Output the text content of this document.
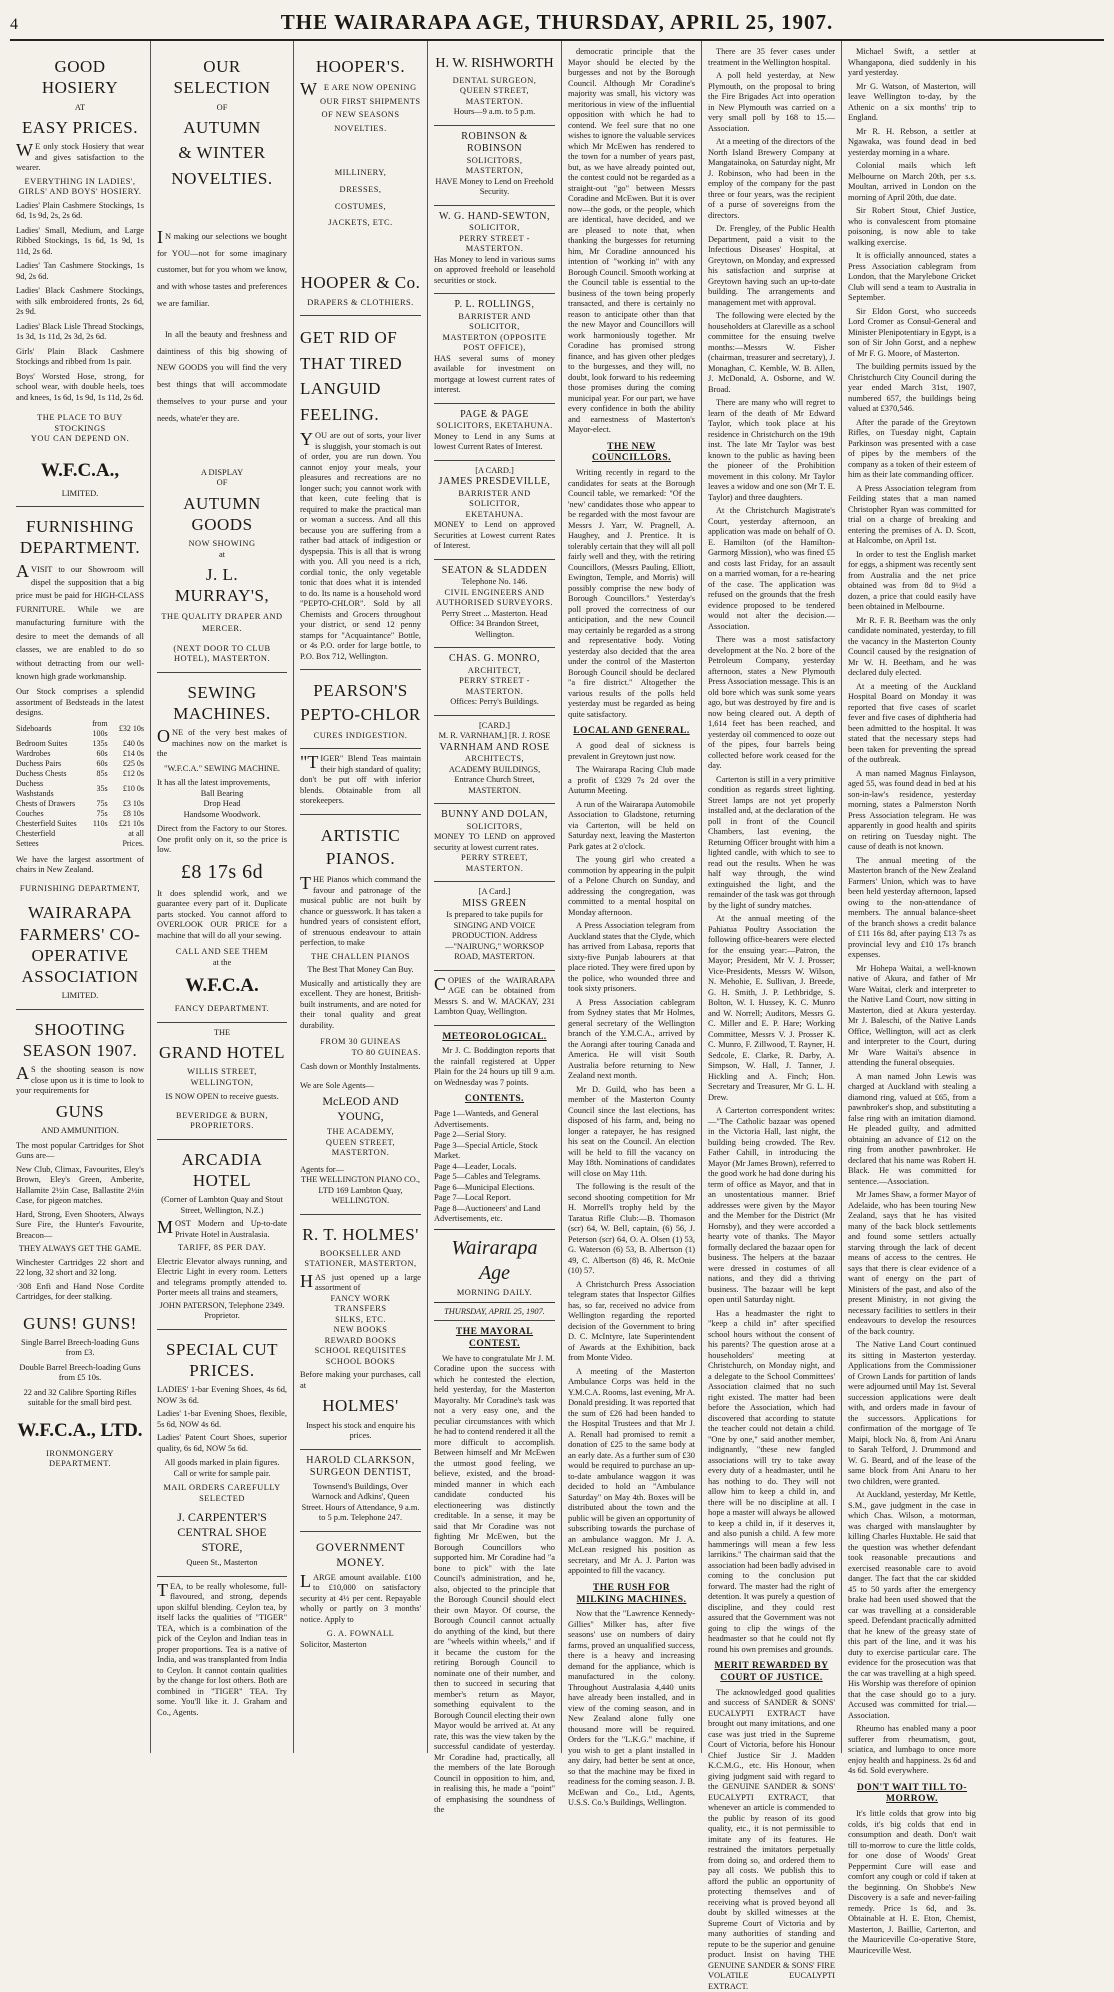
4	THE WAIRARAPA AGE, THURSDAY, APRIL 25, 1907.
GOOD HOSIERY
AT
EASY PRICES.
WE only stock Hosiery that wear and gives satisfaction to the wearer.
EVERYTHING IN LADIES', GIRLS' AND BOYS' HOSIERY.
Ladies' Plain Cashmere Stockings, 1s 6d, 1s 9d, 2s, 2s 6d.
Ladies' Small, Medium, and Large Ribbed Stockings, 1s 6d, 1s 9d, 1s 11d, 2s 6d.
Ladies' Tan Cashmere Stockings, 1s 9d, 2s 6d.
Ladies' Black Cashmere Stockings, with silk embroidered fronts, 2s 6d, 2s 9d.
Ladies' Black Lisle Thread Stockings, 1s 3d, 1s 11d, 2s 3d, 2s 6d.
Girls' Plain Black Cashmere Stockings and ribbed from 1s pair.
Boys' Worsted Hose, strong, for school wear, with double heels, toes and knees, 1s 6d, 1s 9d, 1s 11d, 2s 6d.
THE PLACE TO BUY STOCKINGS
YOU CAN DEPEND ON.
W.F.C.A.,
LIMITED.
FURNISHING DEPARTMENT.
AVISIT to our Showroom will dispel the supposition that a big price must be paid for HIGH-CLASS FURNITURE. While we are manufacturing furniture with the desire to meet the demands of all classes, we are enabled to do so without detracting from our well-known high grade workmanship.
Our Stock comprises a splendid assortment of Bedsteads in the latest designs.
Sideboards	from 100s	£32 10s
Bedroom Suites	135s	£40 0s
Wardrobes	60s	£14 0s
Duchess Pairs	60s	£25 0s
Duchess Chests	85s	£12 0s
Duchess Washstands	35s	£10 0s
Chests of Drawers	75s	£3 10s
Couches	75s	£8 10s
Chesterfield Suites	110s	£21 10s
Chesterfield Settees		at all Prices.
We have the largest assortment of chairs in New Zealand.
FURNISHING DEPARTMENT,
WAIRARAPA FARMERS' CO-OPERATIVE ASSOCIATION
LIMITED.
SHOOTING SEASON 1907.
AS the shooting season is now close upon us it is time to look to your requirements for
GUNS
AND AMMUNITION.
The most popular Cartridges for Shot Guns are—
New Club, Climax, Favourites, Eley's Brown, Eley's Green, Amberite, Hallamite 2½in Case, Ballastite 2½in Case, for pigeon matches.
Hard, Strong, Even Shooters, Always Sure Fire, the Hunter's Favourite, Breacon—
THEY ALWAYS GET THE GAME.
Winchester Cartridges 22 short and 22 long, 32 short and 32 long.
·308 Enfi and Hand Nose Cordite Cartridges, for deer stalking.
GUNS! GUNS!
Single Barrel Breech-loading Guns from £3.
Double Barrel Breech-loading Guns from £5 10s.
22 and 32 Calibre Sporting Rifles suitable for the small bird pest.
W.F.C.A., LTD.
IRONMONGERY DEPARTMENT.
OUR SELECTION
OF
AUTUMN
& WINTER
NOVELTIES.
IN making our selections we bought for YOU—not for some imaginary customer, but for you whom we know, and with whose tastes and preferences we are familiar.
In all the beauty and freshness and daintiness of this big showing of NEW GOODS you will find the very best things that will accommodate themselves to your purse and your needs, whate'er they are.
A DISPLAY
OF
AUTUMN GOODS
NOW SHOWING
at
J. L. MURRAY'S,
THE QUALITY DRAPER AND MERCER.
(NEXT DOOR TO CLUB HOTEL), MASTERTON.
SEWING MACHINES.
ONE of the very best makes of machines now on the market is the
"W.F.C.A." SEWING MACHINE.
It has all the latest improvements,
Ball Bearing
Drop Head
Handsome Woodwork.
Direct from the Factory to our Stores. One profit only on it, so the price is low.
£8 17s 6d
It does splendid work, and we guarantee every part of it. Duplicate parts stocked. You cannot afford to OVERLOOK OUR PRICE for a machine that will do all your sewing.
CALL AND SEE THEM
at the
W.F.C.A.
FANCY DEPARTMENT.
THE
GRAND HOTEL
WILLIS STREET, WELLINGTON,
IS NOW OPEN to receive guests.
BEVERIDGE & BURN, PROPRIETORS.
ARCADIA HOTEL
(Corner of Lambton Quay and Stout Street, Wellington, N.Z.)
MOST Modern and Up-to-date Private Hotel in Australasia.
TARIFF, 8S PER DAY.
Electric Elevator always running, and Electric Light in every room. Letters and telegrams promptly attended to. Porter meets all trains and steamers,
JOHN PATERSON, Telephone 2349. Proprietor.
SPECIAL CUT PRICES.
LADIES' 1-bar Evening Shoes, 4s 6d, NOW 3s 6d.
Ladies' 1-bar Evening Shoes, flexible, 5s 6d, NOW 4s 6d.
Ladies' Patent Court Shoes, superior quality, 6s 6d, NOW 5s 6d.
All goods marked in plain figures. Call or write for sample pair.
MAIL ORDERS CAREFULLY SELECTED
J. CARPENTER'S CENTRAL SHOE STORE,
Queen St., Masterton
TEA, to be really wholesome, full-flavoured, and strong, depends upon skilful blending. Ceylon tea, by itself lacks the qualities of "TIGER" TEA, which is a combination of the pick of the Ceylon and Indian teas in proper proportions. Tea is a native of India, and was transplanted from India to Ceylon. It cannot contain qualities by the change for lost others. Both are combined in "TIGER" TEA. Try some. You'll like it. J. Graham and Co., Agents.
HOOPER'S.
WE ARE NOW OPENING OUR FIRST SHIPMENTS OF NEW SEASONS NOVELTIES.
MILLINERY,
DRESSES,
COSTUMES,
JACKETS, ETC.
HOOPER & Co.
DRAPERS & CLOTHIERS.
GET RID OF THAT TIRED LANGUID FEELING.
YOU are out of sorts, your liver is sluggish, your stomach is out of order, you are run down. You cannot enjoy your meals, your pleasures and recreations are no longer such; you cannot work with that keen, cute feeling that is required to make the practical man or woman a success. And all this because you are suffering from a rather bad attack of indigestion or dyspepsia. This is all that is wrong with you. All you need is a rich, cordial tonic, the only vegetable tonic that does what it is intended to do. Its name is a household word "PEPTO-CHLOR". Sold by all Chemists and Grocers throughout your district, or send 12 penny stamps for "Acquaintance" Bottle, or 4s P.O. order for large bottle, to P.O. Box 712, Wellington.
PEARSON'S PEPTO-CHLOR
CURES INDIGESTION.
"TIGER" Blend Teas maintain their high standard of quality; don't be put off with inferior blends. Obtainable from all storekeepers.
ARTISTIC PIANOS.
THE Pianos which command the favour and patronage of the musical public are not built by chance or guesswork. It has taken a hundred years of consistent effort, of strenuous endeavour to attain perfection, to make
THE CHALLEN PIANOS
The Best That Money Can Buy.
Musically and artistically they are excellent. They are honest, British-built instruments, and are noted for their tonal quality and great durability.
FROM 30 GUINEAS
TO 80 GUINEAS.
Cash down or Monthly Instalments.
We are Sole Agents—
McLEOD AND YOUNG,
THE ACADEMY,
QUEEN STREET, MASTERTON.
Agents for—
THE WELLINGTON PIANO CO., LTD 169 Lambton Quay, WELLINGTON.
R. T. HOLMES'
BOOKSELLER AND STATIONER, MASTERTON,
HAS just opened up a large assortment of
FANCY WORK
TRANSFERS
SILKS, ETC.
NEW BOOKS
REWARD BOOKS
SCHOOL REQUISITES
SCHOOL BOOKS
Before making your purchases, call at
HOLMES'
Inspect his stock and enquire his prices.
HAROLD CLARKSON, SURGEON DENTIST,
Townsend's Buildings, Over Warnock and Adkins', Queen Street. Hours of Attendance, 9 a.m. to 5 p.m. Telephone 247.
GOVERNMENT MONEY.
LARGE amount available. £100 to £10,000 on satisfactory security at 4½ per cent. Repayable wholly or partly on 3 months' notice. Apply to
G. A. FOWNALL
Solicitor, Masterton
H. W. RISHWORTH
DENTAL SURGEON,
QUEEN STREET, MASTERTON.
Hours—9 a.m. to 5 p.m.
ROBINSON & ROBINSON
SOLICITORS,
MASTERTON,
HAVE Money to Lend on Freehold Security.
W. G. HAND-SEWTON,
SOLICITOR,
PERRY STREET - MASTERTON.
Has Money to lend in various sums on approved freehold or leasehold securities or stock.
P. L. ROLLINGS,
BARRISTER AND SOLICITOR,
MASTERTON (OPPOSITE POST OFFICE),
HAS several sums of money available for investment on mortgage at lowest current rates of interest.
PAGE & PAGE
SOLICITORS, EKETAHUNA.
Money to Lend in any Sums at lowest Current Rates of Interest.
[A CARD.]
JAMES PRESDEVILLE,
BARRISTER AND SOLICITOR,
EKETAHUNA.
MONEY to Lend on approved Securities at Lowest current Rates of Interest.
SEATON & SLADDEN
Telephone No. 146.
CIVIL ENGINEERS AND AUTHORISED SURVEYORS.
Perry Street ... Masterton. Head Office: 34 Brandon Street, Wellington.
CHAS. G. MONRO,
ARCHITECT,
PERRY STREET - MASTERTON.
Offices: Perry's Buildings.
[CARD.]
M. R. VARNHAM,] [R. J. ROSE
VARNHAM AND ROSE
ARCHITECTS,
ACADEMY BUILDINGS, Entrance Church Street, MASTERTON.
BUNNY AND DOLAN,
SOLICITORS,
MONEY TO LEND on approved security at lowest current rates.
PERRY STREET, MASTERTON.
[A Card.]
MISS GREEN
Is prepared to take pupils for SINGING AND VOICE PRODUCTION. Address—"NAIRUNG," WORKSOP ROAD, MASTERTON.
COPIES of the WAIRARAPA AGE can be obtained from Messrs S. and W. MACKAY, 231 Lambton Quay, Wellington.
METEOROLOGICAL.
Mr J. C. Boddington reports that the rainfall registered at Upper Plain for the 24 hours up till 9 a.m. on Wednesday was 7 points.
CONTENTS.
Page 1—Wanteds, and General Advertisements.
Page 2—Serial Story.
Page 3—Special Article, Stock Market.
Page 4—Leader, Locals.
Page 5—Cables and Telegrams.
Page 6—Municipal Elections.
Page 7—Local Report.
Page 8—Auctioneers' and Land Advertisements, etc.
Wairarapa Age
MORNING DAILY.
THURSDAY, APRIL 25, 1907.
THE MAYORAL CONTEST.
We have to congratulate Mr J. M. Coradine upon the success with which he contested the election, held yesterday, for the Masterton Mayoralty. Mr Coradine's task was not a very easy one, and the peculiar circumstances with which he had to contend rendered it all the more difficult to accomplish. Between himself and Mr McEwen the utmost good feeling, we believe, existed, and the broad-minded manner in which each candidate conducted his electioneering was distinctly creditable. In a sense, it may be said that Mr Coradine was not fighting Mr McEwen, but the Borough Councillors who supported him. Mr Coradine had "a bone to pick" with the late Council's administration, and he, also, objected to the principle that the Borough Council should elect their own Mayor. Of course, the Borough Council cannot actually do anything of the kind, but there are "wheels within wheels," and if it became the custom for the retiring Borough Council to nominate one of their number, and then to succeed in securing that member's return as Mayor, something equivalent to the Borough Council electing their own Mayor would be arrived at. At any rate, this was the view taken by the successful candidate of yesterday. Mr Coradine had, practically, all the members of the late Borough Council in opposition to him, and, in realising this, he made a "point" of emphasising the soundness of the
democratic principle that the Mayor should be elected by the burgesses and not by the Borough Council. Although Mr Coradine's majority was small, his victory was meritorious in view of the influential opposition with which he had to contend. We feel sure that no one wishes to ignore the valuable services which Mr McEwen has rendered to the town for a number of years past, but, as we have already pointed out, the contest could not be regarded as a straight-out "go" between Messrs Coradine and McEwen. But it is over now—the gods, or the people, which are identical, have decided, and we are pleased to note that, when thanking the burgesses for returning him, Mr Coradine announced his intention of "working in" with any Borough Council. Smooth working at the Council table is essential to the business of the town being properly transacted, and there is certainly no reason to anticipate other than that the new Mayor and Councillors will work harmoniously together. Mr Coradine has promised strong finance, and has given other pledges to the burgesses, and they will, no doubt, look forward to his redeeming those promises during the coming municipal year. For our part, we have every confidence in both the ability and earnestness of Masterton's Mayor-elect.
THE NEW COUNCILLORS.
Writing recently in regard to the candidates for seats at the Borough Council table, we remarked: "Of the 'new' candidates those who appear to be regarded with the most favour are Messrs J. Yarr, W. Pragnell, A. Haughey, and J. Prentice. It is tolerably certain that they will all poll fairly well and they, with the retiring Councillors, (Messrs Pauling, Elliott, Ewington, Temple, and Morris) will possibly comprise the new body of Borough Councillors." Yesterday's poll proved the correctness of our anticipation, and the new Council may certainly be regarded as a strong and representative body. Voting yesterday also decided that the area under the control of the Masterton Borough Council should be declared "a fire district." Altogether the various results of the polls held yesterday must be regarded as being quite satisfactory.
LOCAL AND GENERAL.
A good deal of sickness is prevalent in Greytown just now.
The Wairarapa Racing Club made a profit of £329 7s 2d over the Autumn Meeting.
A run of the Wairarapa Automobile Association to Gladstone, returning via Carterton, will be held on Saturday next, leaving the Masterton Park gates at 2 o'clock.
The young girl who created a commotion by appearing in the pulpit of a Pelone Church on Sunday, and addressing the congregation, was committed to a mental hospital on Monday afternoon.
A Press Association telegram from Auckland states that the Clyde, which has arrived from Labasa, reports that sixty-five Punjab labourers at that place rioted. They were fired upon by the police, who wounded three and took sixty prisoners.
A Press Association cablegram from Sydney states that Mr Holmes, general secretary of the Wellington branch of the Y.M.C.A., arrived by the Aorangi after touring Canada and America. He will visit South Australia before returning to New Zealand next month.
Mr D. Guild, who has been a member of the Masterton County Council since the last elections, has disposed of his farm, and, being no longer a ratepayer, he has resigned his seat on the Council. An election will be held to fill the vacancy on May 18th. Nominations of candidates will close on May 11th.
The following is the result of the second shooting competition for Mr H. Morrell's trophy held by the Taratua Rifle Club:—B. Thomason (scr) 64, W. Bell, captain, (6) 56, J. Peterson (scr) 64, O. A. Olsen (1) 53, G. Waterson (6) 53, B. Albertson (1) 49, C. Albertson (8) 46, R. McOnie (10) 57.
A Christchurch Press Association telegram states that Inspector Gilfies has, so far, received no advice from Wellington regarding the reported decision of the Government to bring D. C. McIntyre, late Superintendent of Awards at the Exhibition, back from Monte Video.
A meeting of the Masterton Ambulance Corps was held in the Y.M.C.A. Rooms, last evening, Mr A. Donald presiding. It was reported that the sum of £26 had been handed to the Hospital Trustees and that Mr J. A. Renall had promised to remit a donation of £25 to the same body at an early date. As a further sum of £30 would be required to purchase an up-to-date ambulance waggon it was decided to hold an "Ambulance Saturday" on May 4th. Boxes will be distributed about the town and the public will be given an opportunity of subscribing towards the purchase of an ambulance waggon. Mr J. A. McLean resigned his position as secretary, and Mr A. J. Parton was appointed to fill the vacancy.
THE RUSH FOR MILKING MACHINES.
Now that the "Lawrence Kennedy-Gillies" Milker has, after five seasons' use on numbers of dairy farms, proved an unqualified success, there is a heavy and increasing demand for the appliance, which is manufactured in the colony. Throughout Australasia 4,440 units have already been installed, and in view of the coming season, and in New Zealand alone fully one thousand more will be required. Orders for the "L.K.G." machine, if you wish to get a plant installed in any dairy, had better be sent at once, so that the machine may be fixed in readiness for the coming season. J. B. McEwan and Co., Ltd., Agents, U.S.S. Co.'s Buildings, Wellington.
There are 35 fever cases under treatment in the Wellington hospital.
A poll held yesterday, at New Plymouth, on the proposal to bring the Fire Brigades Act into operation in New Plymouth was carried on a very small poll by 168 to 15.—Association.
At a meeting of the directors of the North Island Brewery Company at Mangatainoka, on Saturday night, Mr J. Robinson, who had been in the employ of the company for the past three or four years, was the recipient of a purse of sovereigns from the directors.
Dr. Frengley, of the Public Health Department, paid a visit to the Infectious Diseases' Hospital, at Greytown, on Monday, and expressed his satisfaction and surprise at Greytown having such an up-to-date building. The arrangements and management met with approval.
The following were elected by the householders at Clareville as a school committee for the ensuing twelve months:—Messrs W. Fisher (chairman, treasurer and secretary), J. Monaghan, C. Kemble, W. B. Allen, J. McDonald, A. Osborne, and W. Broad.
There are many who will regret to learn of the death of Mr Edward Taylor, which took place at his residence in Christchurch on the 19th inst. The late Mr Taylor was best known to the public as having been the pioneer of the Prohibition movement in this colony. Mr Taylor leaves a widow and one son (Mr T. E. Taylor) and three daughters.
At the Christchurch Magistrate's Court, yesterday afternoon, an application was made on behalf of O. E. Hamilton (of the Hamilton-Garmorg Mission), who was fined £5 and costs last Friday, for an assault on a married woman, for a re-hearing of the case. The application was refused on the grounds that the fresh evidence proposed to be tendered would not alter the decision.—Association.
There was a most satisfactory development at the No. 2 bore of the Petroleum Company, yesterday afternoon, states a New Plymouth Press Association message. This is an old bore which was sunk some years ago, but was destroyed by fire and is now being cleared out. A depth of 1,614 feet has been reached, and yesterday oil commenced to ooze out of the pipes, four barrels being collected before work ceased for the day.
Carterton is still in a very primitive condition as regards street lighting. Street lamps are not yet properly installed and, at the declaration of the poll in front of the Council Chambers, last evening, the Returning Officer brought with him a lighted candle, with which to see to read out the results. When he was half way through, the wind extinguished the light, and the remainder of the task was got through by the light of sundry matches.
At the annual meeting of the Pahiatua Poultry Association the following office-bearers were elected for the ensuing year:—Patron, the Mayor; President, Mr V. J. Prosser; Vice-Presidents, Messrs W. Wilson, N. Mehohie, E. Sullivan, J. Breede, G. H. Smith, J. P. Lethbridge, S. Bolton, W. I. Hussey, K. C. Munro and W. Norrell; Auditors, Messrs G. C. Miller and E. P. Hare; Working Committee, Messrs V. J. Prosser K. C. Munro, F. Zillwood, T. Rayner, H. Sedcole, E. Clarke, R. Darby, A. Simpson, W. Hall, J. Tanner, J. Hickling and A. Finch; Hon. Secretary and Treasurer, Mr G. L. H. Drew.
A Carterton correspondent writes:—"The Catholic bazaar was opened in the Victoria Hall, last night, the building being crowded. The Rev. Father Cahill, in introducing the Mayor (Mr James Brown), referred to the good work he had done during his term of office as Mayor, and that in an unostentatious manner. Brief addresses were given by the Mayor and the Member for the District (Mr Hornsby), and they were accorded a hearty vote of thanks. The Mayor formally declared the bazaar open for business. The helpers at the bazaar were dressed in costumes of all nations, and they did a thriving business. The bazaar will be kept open until Saturday night.
Has a headmaster the right to "keep a child in" after specified school hours without the consent of his parents? The question arose at a householders' meeting at Christchurch, on Monday night, and a delegate to the School Committees' Association claimed that no such right existed. The matter had been before the Association, which had discovered that according to statute the teacher could not detain a child. "One by one," said another member, indignantly, "these new fangled associations will try to take away every duty of a headmaster, until he has nothing to do. They will not allow him to keep a child in, and there will be no discipline at all. I hope a master will always be allowed to keep a child in, if it deserves it, and also punish a child. A few more hammerings will mean a few less larrikins." The chairman said that the association had been badly advised in coming to the conclusion put forward. The master had the right of detention. It was purely a question of discipline, and they could rest assured that the Government was not going to clip the wings of the headmaster so that he could not fly round his own premises and grounds.
MERIT REWARDED BY COURT OF JUSTICE.
The acknowledged good qualities and success of SANDER & SONS' EUCALYPTI EXTRACT have brought out many imitations, and one case was just tried in the Supreme Court of Victoria, before his Honour Chief Justice Sir J. Madden K.C.M.G., etc. His Honour, when giving judgment said with regard to the GENUINE SANDER & SONS' EUCALYPTI EXTRACT, that whenever an article is commended to the public by reason of its good quality, etc., it is not permissible to imitate any of its features. He restrained the imitators perpetually from doing so, and ordered them to pay all costs. We publish this to afford the public an opportunity of protecting themselves and of receiving what is proved beyond all doubt by skilled witnesses at the Supreme Court of Victoria and by many authorities of standing and repute to be the superior and genuine product. Insist on having THE GENUINE SANDER & SONS' FIRE VOLATILE EUCALYPTI EXTRACT.
Michael Swift, a settler at Whangapona, died suddenly in his yard yesterday.
Mr G. Watson, of Masterton, will leave Wellington to-day, by the Athenic on a six months' trip to England.
Mr R. H. Rebson, a settler at Ngawaka, was found dead in bed yesterday morning in a whare.
Colonial mails which left Melbourne on March 20th, per s.s. Moultan, arrived in London on the morning of April 20th, due date.
Sir Robert Stout, Chief Justice, who is convalescent from ptomaine poisoning, is now able to take walking exercise.
It is officially announced, states a Press Association cablegram from London, that the Marylebone Cricket Club will send a team to Australia in September.
Sir Eldon Gorst, who succeeds Lord Cromer as Consul-General and Minister Plenipotentiary in Egypt, is a son of Sir John Gorst, and a nephew of Mr F. G. Moore, of Masterton.
The building permits issued by the Christchurch City Council during the year ended March 31st, 1907, numbered 657, the buildings being valued at £370,546.
After the parade of the Greytown Rifles, on Tuesday night, Captain Parkinson was presented with a case of pipes by the members of the company as a token of their esteem of him as their late commanding officer.
A Press Association telegram from Feilding states that a man named Christopher Ryan was committed for trial on a charge of breaking and entering the premises of A. D. Scott, at Halcombe, on April 1st.
In order to test the English market for eggs, a shipment was recently sent from Australia and the net price obtained was from 8d to 9½d a dozen, a price that could easily have been obtained in Melbourne.
Mr R. F. R. Beetham was the only candidate nominated, yesterday, to fill the vacancy in the Masterton County Council caused by the resignation of Mr W. H. Beetham, and he was declared duly elected.
At a meeting of the Auckland Hospital Board on Monday it was reported that five cases of scarlet fever and five cases of diphtheria had been admitted to the hospital. It was stated that the necessary steps had been taken for preventing the spread of the outbreak.
A man named Magnus Finlayson, aged 55, was found dead in bed at his son-in-law's residence, yesterday morning, states a Palmerston North Press Association telegram. He was apparently in good health and spirits on retiring on Tuesday night. The cause of death is not known.
The annual meeting of the Masterton branch of the New Zealand Farmers' Union, which was to have been held yesterday afternoon, lapsed owing to the non-attendance of members. The annual balance-sheet of the branch shows a credit balance of £11 16s 8d, after paying £13 7s as provincial levy and £10 17s branch expenses.
Mr Hohepa Waitai, a well-known native of Akura, and father of Mr Ware Waitai, clerk and interpreter to the Native Land Court, now sitting in Masterton, died at Akura yesterday. Mr J. Baleschi, of the Native Lands Office, Wellington, will act as clerk and interpreter to the Court, during Mr Ware Waitai's absence in attending the funeral obsequies.
A man named John Lewis was charged at Auckland with stealing a diamond ring, valued at £65, from a pawnbroker's shop, and substituting a false ring with an imitation diamond. He pleaded guilty, and admitted obtaining an advance of £12 on the ring from another pawnbroker. He declared that his name was Robert H. Black. He was committed for sentence.—Association.
Mr James Shaw, a former Mayor of Adelaide, who has been touring New Zealand, says that he has visited many of the back block settlements and found some settlers actually starving through the lack of decent means of access to the centres. He says that there is clear evidence of a want of energy on the part of Ministers of the past, and also of the present Ministry, in not giving the necessary facilities to settlers in their endeavours to develop the resources of the back country.
The Native Land Court continued its sitting in Masterton yesterday. Applications from the Commissioner of Crown Lands for partition of lands were adjourned until May 1st. Several succession applications were dealt with, and orders made in favour of the successors. Applications for confirmation of the mortgage of Te Maipi, block No. 8, from Ani Anaru to Sarah Telford, J. Drummond and W. G. Beard, and of the lease of the same block from Ani Anaru to her two children, were granted.
At Auckland, yesterday, Mr Kettle, S.M., gave judgment in the case in which Chas. Wilson, a motorman, was charged with manslaughter by killing Charles Huxtable. He said that the question was whether defendant took reasonable precautions and exercised reasonable care to avoid danger. The fact that the car skidded 45 to 50 yards after the emergency brake had been used showed that the car was travelling at a considerable speed. Defendant practically admitted that he knew of the greasy state of this part of the line, and it was his duty to exercise particular care. The evidence for the prosecution was that the car was travelling at a high speed. His Worship was therefore of opinion that the case should go to a jury. Accused was committed for trial.—Association.
Rheumo has enabled many a poor sufferer from rheumatism, gout, sciatica, and lumbago to once more enjoy health and happiness. 2s 6d and 4s 6d. Sold everywhere.
DON'T WAIT TILL TO-MORROW.
It's little colds that grow into big colds, it's big colds that end in consumption and death. Don't wait till to-morrow to cure the little colds, for one dose of Woods' Great Peppermint Cure will ease and comfort any cough or cold if taken at the beginning. On Shobbe's New Discovery is a safe and never-failing remedy. Price 1s 6d, and 3s. Obtainable at H. E. Eton, Chemist, Masterton, J. Baillie, Carterton, and the Mauriceville Co-operative Store, Mauriceville West.
